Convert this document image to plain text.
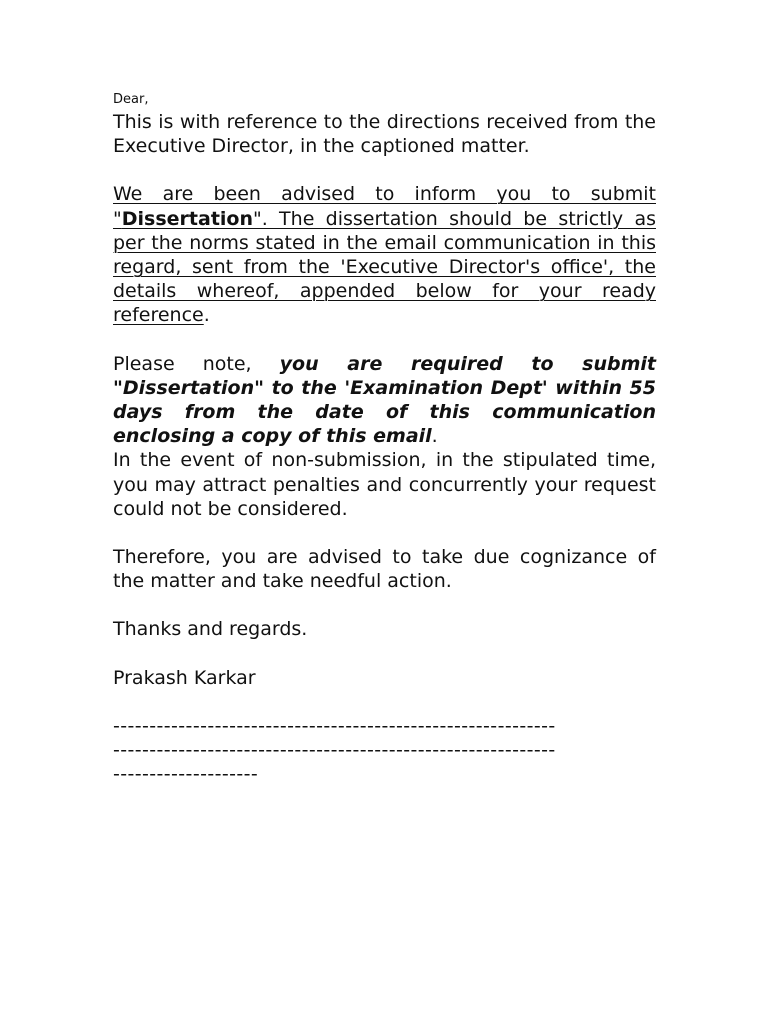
Dear,

This is with reference to the directions received from the Executive Director, in the captioned matter.

We are been advised to inform you to submit "Dissertation". The dissertation should be strictly as per the norms stated in the email communication in this regard, sent from the 'Executive Director's office', the details whereof, appended below for your ready reference.

Please note, you are required to submit "Dissertation" to the 'Examination Dept' within 55 days from the date of this communication enclosing a copy of this email.

In the event of non-submission, in the stipulated time, you may attract penalties and concurrently your request could not be considered.

Therefore, you are advised to take due cognizance of the matter and take needful action.

Thanks and regards.

Prakash Karkar

-------------------------------------------------------------

-------------------------------------------------------------

--------------------
